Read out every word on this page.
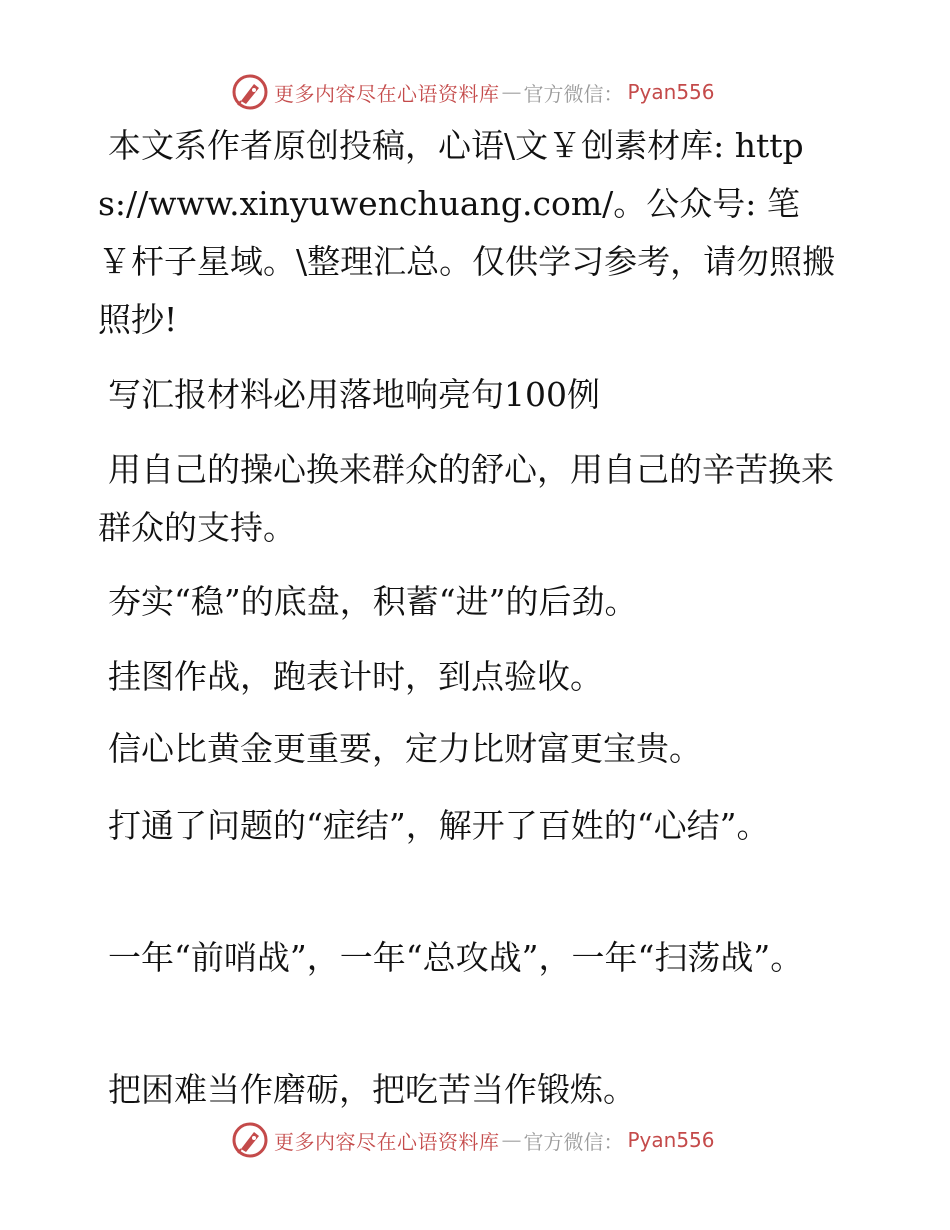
更多内容尽在心语资料库 — 官方微信： Pyan556

本文系作者原创投稿，心语\文￥创素材库: https://www.xinyuwenchuang.com/。公众号: 笔￥杆子星域。\整理汇总。仅供学习参考，请勿照搬照抄!

写汇报材料必用落地响亮句100例

用自己的操心换来群众的舒心，用自己的辛苦换来群众的支持。

夯实“稳”的底盘，积蓄“进”的后劲。

挂图作战，跑表计时，到点验收。

信心比黄金更重要，定力比财富更宝贵。

打通了问题的“症结”，解开了百姓的“心结”。

一年“前哨战”，一年“总攻战”，一年“扫荡战”。

把困难当作磨砺，把吃苦当作锻炼。

更多内容尽在心语资料库 — 官方微信： Pyan556
